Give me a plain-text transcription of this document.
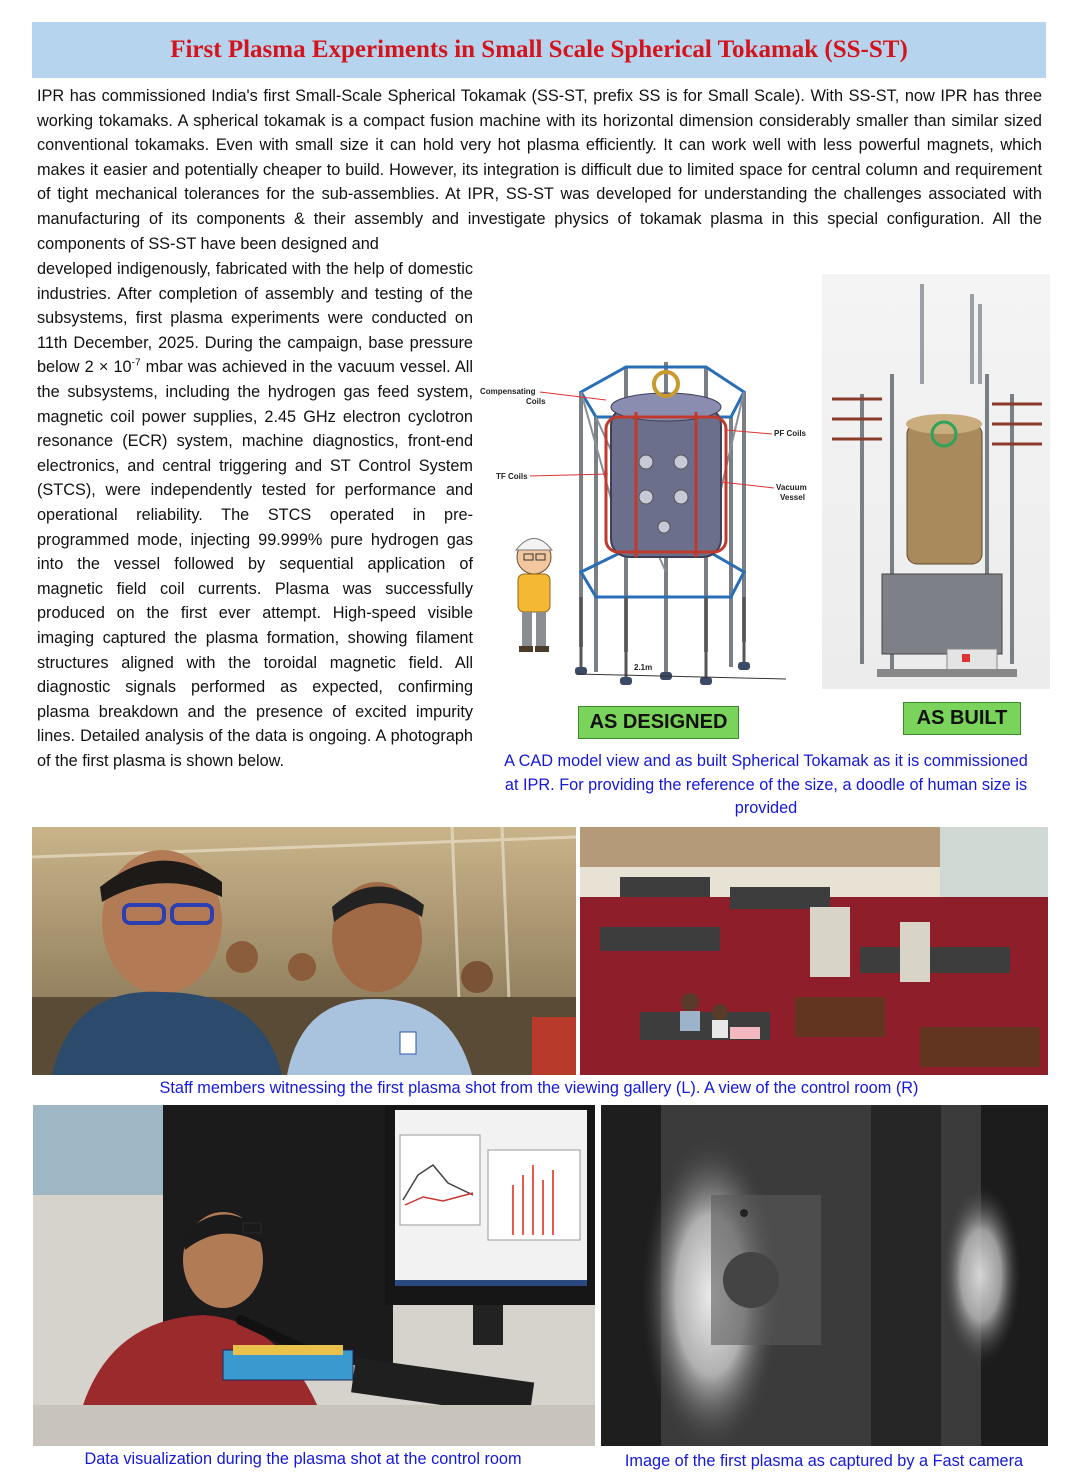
First Plasma Experiments in Small Scale Spherical Tokamak (SS-ST)

IPR has commissioned India's first Small-Scale Spherical Tokamak (SS-ST, prefix SS is for Small Scale). With SS-ST, now IPR has three working tokamaks. A spherical tokamak is a compact fusion machine with its horizontal dimension considerably smaller than similar sized conventional tokamaks. Even with small size it can hold very hot plasma efficiently. It can work well with less powerful magnets, which makes it easier and potentially cheaper to build. However, its integration is difficult due to limited space for central column and requirement of tight mechanical tolerances for the sub-assemblies. At IPR, SS-ST was developed for understanding the challenges associated with manufacturing of its components & their assembly and investigate physics of tokamak plasma in this special configuration. All the components of SS-ST have been designed and

developed indigenously, fabricated with the help of domestic industries. After completion of assembly and testing of the subsystems, first plasma experiments were conducted on 11th December, 2025. During the campaign, base pressure below $2 \times 10^{-7}$ mbar was achieved in the vacuum vessel. All the subsystems, including the hydrogen gas feed system, magnetic coil power supplies, 2.45 GHz electron cyclotron resonance (ECR) system, machine diagnostics, front-end electronics, and central triggering and ST Control System (STCS), were independently tested for performance and operational reliability. The STCS operated in pre-programmed mode, injecting 99.999% pure hydrogen gas into the vessel followed by sequential application of magnetic field coil currents. Plasma was successfully produced on the first ever attempt. High-speed visible imaging captured the plasma formation, showing filament structures aligned with the toroidal magnetic field. All diagnostic signals performed as expected, confirming plasma breakdown and the presence of excited impurity lines. Detailed analysis of the data is ongoing. A photograph of the first plasma is shown below.

Compensating
Coils
PF Coils
TF Coils
Vacuum
Vessel
2.1m
AS DESIGNED	AS BUILT

A CAD model view and as built Spherical Tokamak as it is commissioned at IPR. For providing the reference of the size, a doodle of human size is provided

Staff members witnessing the first plasma shot from the viewing gallery (L). A view of the control room (R)

Data visualization during the plasma shot at the control room	Image of the first plasma as captured by a Fast camera
